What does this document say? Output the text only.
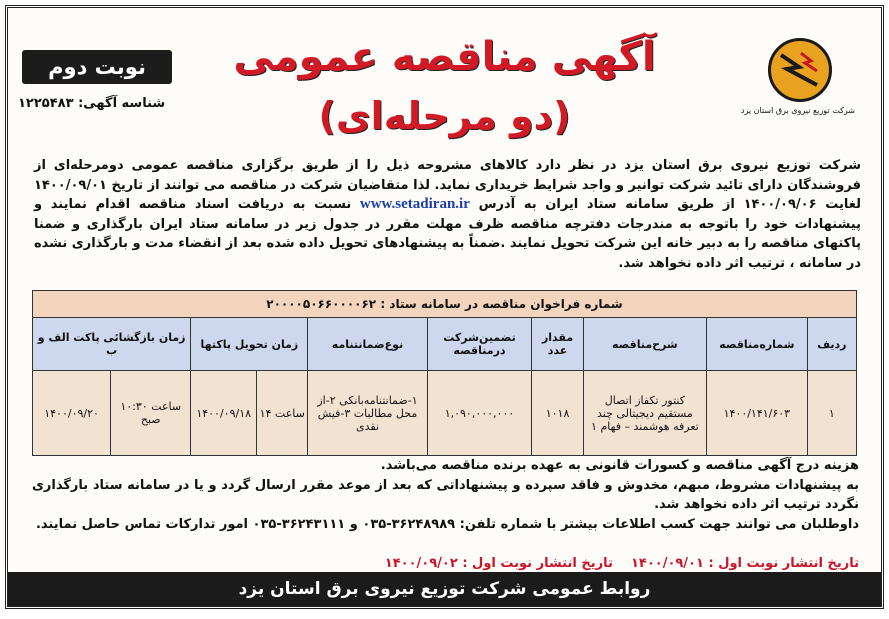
شرکت توزیع نیروی برق استان یزد
آگهی مناقصه عمومی
(دو مرحله‌ای)
نوبت دوم
شناسه آگهی: ۱۲۲۵۴۸۳
شرکت توزیع نیروی برق استان یزد در نظر دارد کالاهای مشروحه ذیل را از طریق برگزاری مناقصه عمومی دومرحله‌ای از فروشندگان دارای تائید شرکت توانیر و واجد شرایط خریداری نماید. لذا متقاضیان شرکت در مناقصه می توانند از تاریخ ۱۴۰۰/۰۹/۰۱ لغایت ۱۴۰۰/۰۹/۰۶ از طریق سامانه ستاد ایران به آدرس www.setadiran.ir نسبت به دریافت اسناد مناقصه اقدام نمایند و پیشنهادات خود را باتوجه به مندرجات دفترچه مناقصه ظرف مهلت مقرر در جدول زیر در سامانه ستاد ایران بارگذاری و ضمنا پاکتهای مناقصه را به دبیر خانه این شرکت تحویل نمایند .ضمناً به پیشنهادهای تحویل داده شده بعد از انقضاء مدت و بارگذاری نشده در سامانه ، ترتیب اثر داده نخواهد شد.
شماره فراخوان مناقصه در سامانه ستاد : ۲۰۰۰۰۵۰۶۶۰۰۰۰۶۲
ردیف	شماره‌مناقصه	شرح‌مناقصه	مقدار عدد	تضمین‌شرکت درمناقصه	نوع‌ضمانتنامه	زمان تحویل پاکتها		زمان بازگشائی پاکت الف و ب	
۱	۱۴۰۰/۱۴۱/۶۰۳	کنتور تکفاز اتصال مستقیم دیجیتالی چند تعرفه هوشمند – فهام ۱	۱۰۱۸	۱,۰۹۰,۰۰۰,۰۰۰	۱-ضمانتنامه‌بانکی ۲-از محل مطالبات ۳-فیش نقدی	ساعت ۱۴	۱۴۰۰/۰۹/۱۸	ساعت ۱۰:۳۰ صبح	۱۴۰۰/۰۹/۲۰
هزینه درج آگهی مناقصه و کسورات قانونی به عهده برنده مناقصه می‌باشد.
به پیشنهادات مشروط، مبهم، مخدوش و فاقد سپرده و پیشنهاداتی که بعد از موعد مقرر ارسال گردد و یا در سامانه ستاد بارگذاری نگردد ترتیب اثر داده نخواهد شد.
داوطلبان می توانند جهت کسب اطلاعات بیشتر با شماره تلفن: ۳۶۲۴۸۹۸۹-۰۳۵ و ۳۶۲۴۳۱۱۱-۰۳۵ امور تدارکات تماس حاصل نمایند.
تاریخ انتشار نوبت اول : ۱۴۰۰/۰۹/۰۱    تاریخ انتشار نوبت اول : ۱۴۰۰/۰۹/۰۲
روابط عمومی شرکت توزیع نیروی برق استان یزد
